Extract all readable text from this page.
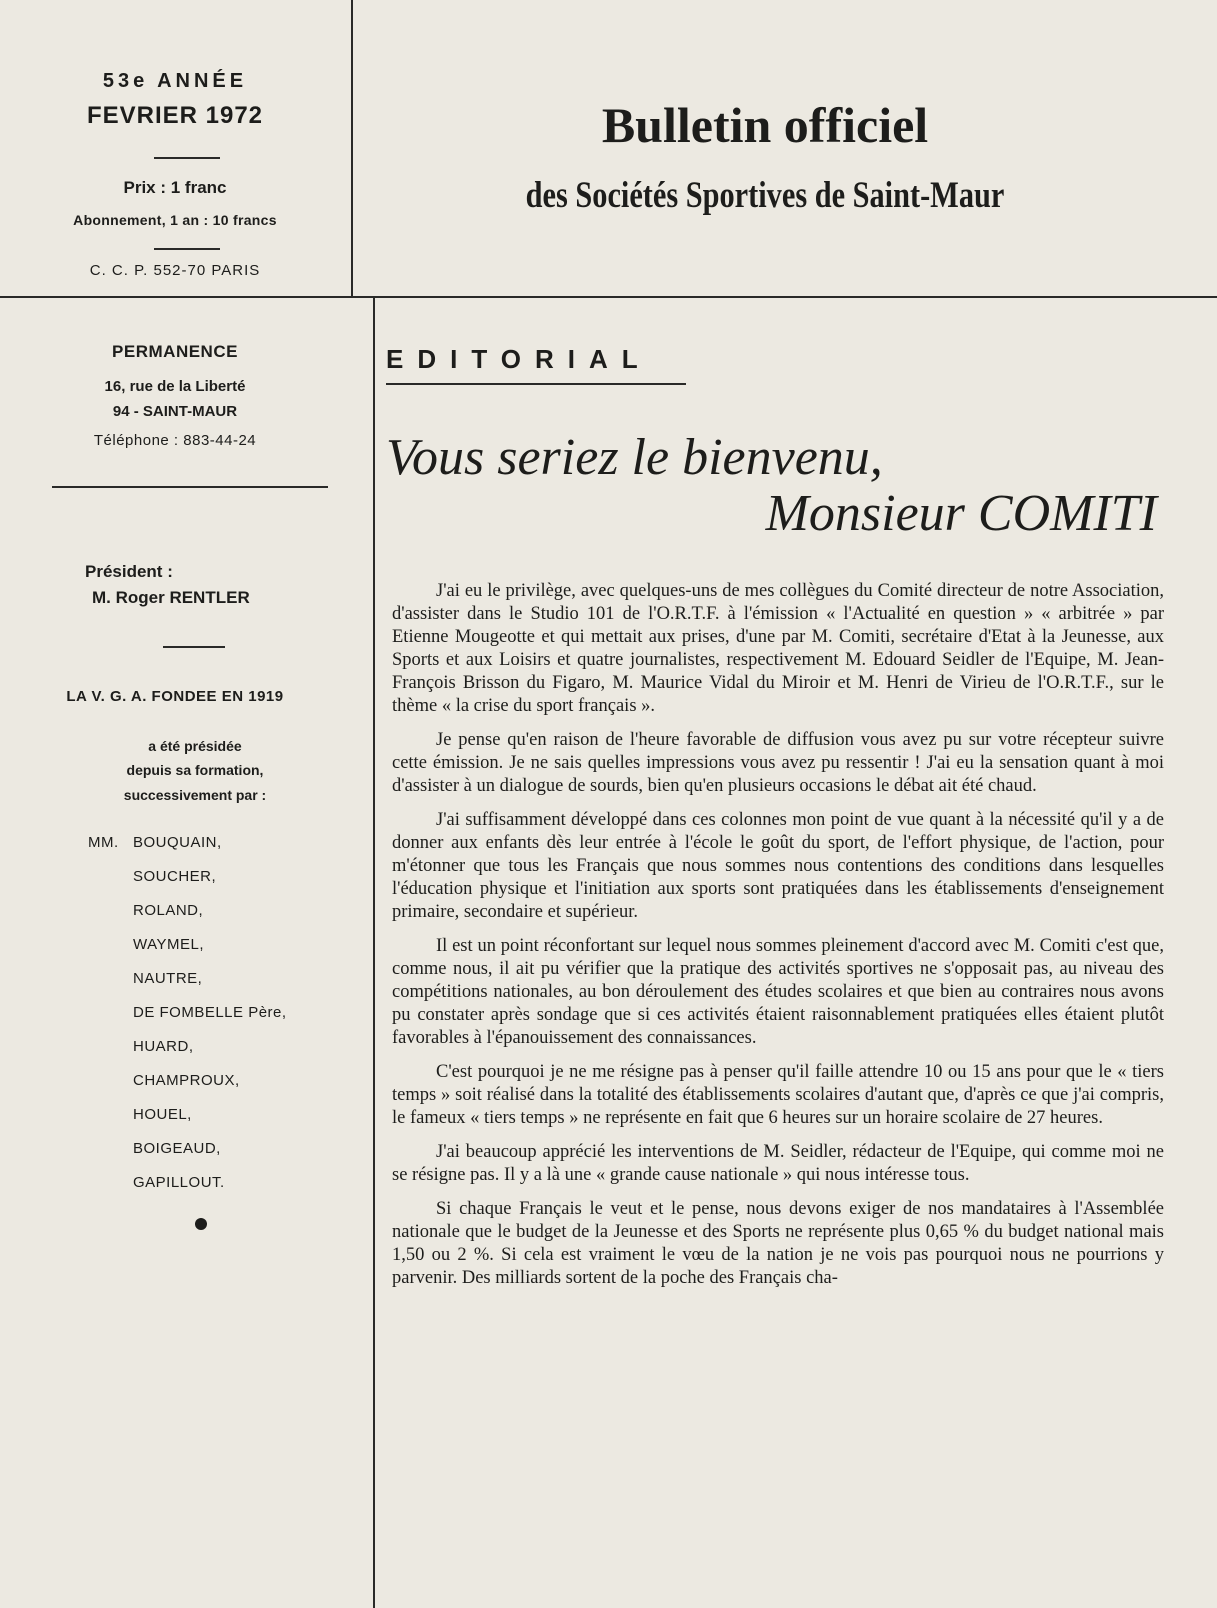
53e ANNÉE
FEVRIER 1972
Prix : 1 franc
Abonnement, 1 an : 10 francs
C. C. P. 552-70 PARIS
Bulletin officiel
des Sociétés Sportives de Saint-Maur
PERMANENCE
16, rue de la Liberté
94 - SAINT-MAUR
Téléphone : 883-44-24
Président :
M. Roger RENTLER
LA V. G. A. FONDEE EN 1919
a été présidée
depuis sa formation,
successivement par :
MM. BOUQUAIN,
SOUCHER,
ROLAND,
WAYMEL,
NAUTRE,
DE FOMBELLE Père,
HUARD,
CHAMPROUX,
HOUEL,
BOIGEAUD,
GAPILLOUT.
EDITORIAL
Vous seriez le bienvenu,
Monsieur COMITI

J'ai eu le privilège, avec quelques-uns de mes collègues du Comité directeur de notre Association, d'assister dans le Studio 101 de l'O.R.T.F. à l'émission « l'Actualité en question » « arbitrée » par Etienne Mougeotte et qui mettait aux prises, d'une par M. Comiti, secrétaire d'Etat à la Jeunesse, aux Sports et aux Loisirs et quatre journalistes, respectivement M. Edouard Seidler de l'Equipe, M. Jean-François Brisson du Figaro, M. Maurice Vidal du Miroir et M. Henri de Virieu de l'O.R.T.F., sur le thème « la crise du sport français ».

Je pense qu'en raison de l'heure favorable de diffusion vous avez pu sur votre récepteur suivre cette émission. Je ne sais quelles impressions vous avez pu ressentir ! J'ai eu la sensation quant à moi d'assister à un dialogue de sourds, bien qu'en plusieurs occasions le débat ait été chaud.

J'ai suffisamment développé dans ces colonnes mon point de vue quant à la nécessité qu'il y a de donner aux enfants dès leur entrée à l'école le goût du sport, de l'effort physique, de l'action, pour m'étonner que tous les Français que nous sommes nous contentions des conditions dans lesquelles l'éducation physique et l'initiation aux sports sont pratiquées dans les établissements d'enseignement primaire, secondaire et supérieur.

Il est un point réconfortant sur lequel nous sommes pleinement d'accord avec M. Comiti c'est que, comme nous, il ait pu vérifier que la pratique des activités sportives ne s'opposait pas, au niveau des compétitions nationales, au bon déroulement des études scolaires et que bien au contraires nous avons pu constater après sondage que si ces activités étaient raisonnablement pratiquées elles étaient plutôt favorables à l'épanouissement des connaissances.

C'est pourquoi je ne me résigne pas à penser qu'il faille attendre 10 ou 15 ans pour que le « tiers temps » soit réalisé dans la totalité des établissements scolaires d'autant que, d'après ce que j'ai compris, le fameux « tiers temps » ne représente en fait que 6 heures sur un horaire scolaire de 27 heures.

J'ai beaucoup apprécié les interventions de M. Seidler, rédacteur de l'Equipe, qui comme moi ne se résigne pas. Il y a là une « grande cause nationale » qui nous intéresse tous.

Si chaque Français le veut et le pense, nous devons exiger de nos mandataires à l'Assemblée nationale que le budget de la Jeunesse et des Sports ne représente plus 0,65 % du budget national mais 1,50 ou 2 %. Si cela est vraiment le vœu de la nation je ne vois pas pourquoi nous ne pourrions y parvenir. Des milliards sortent de la poche des Français cha-
